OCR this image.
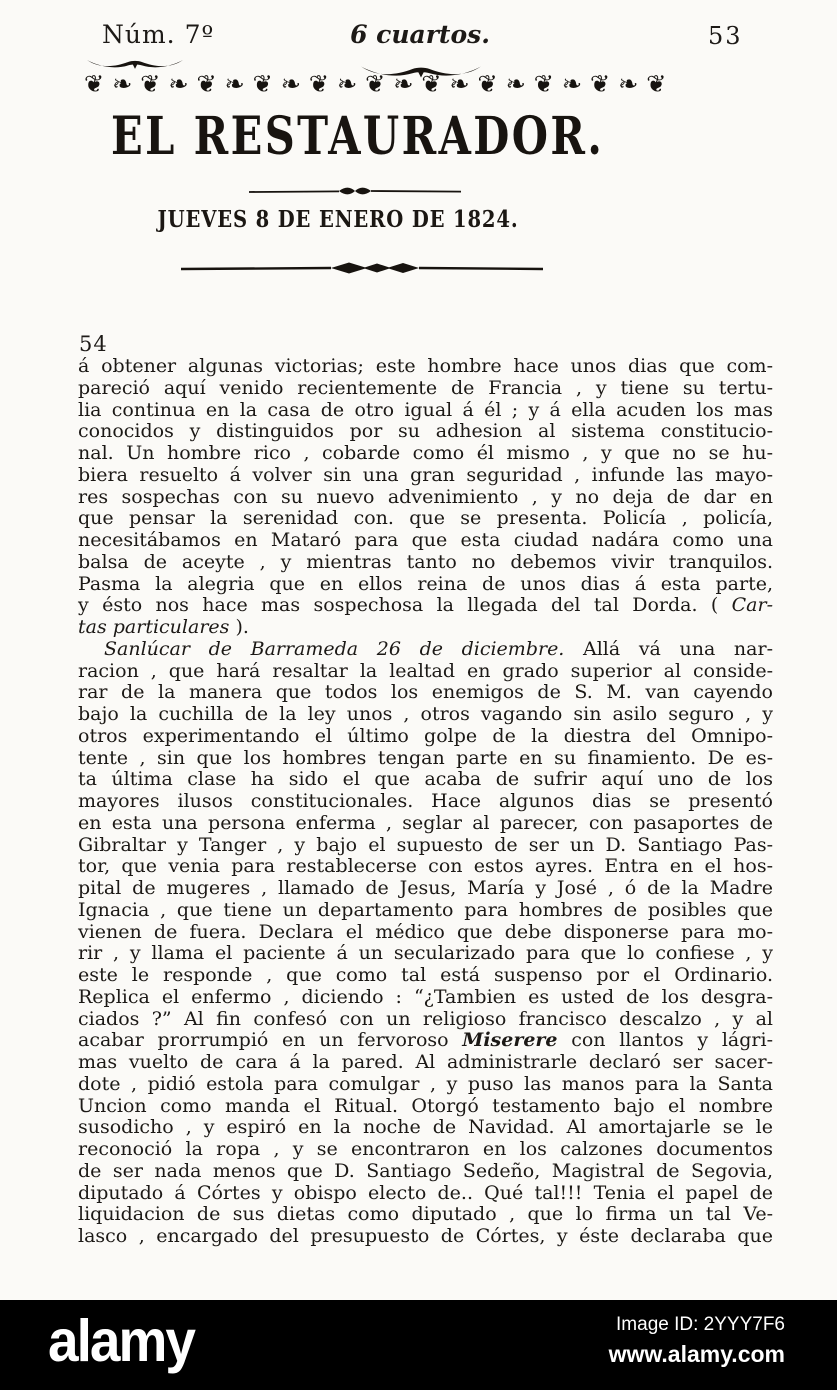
Núm. 7º	6 cuartos.	53
❦❧❦❧❦❧❦❧❦❧❦❧❦❧❦❧❦❧❦❧❦
EL RESTAURADOR.
JUEVES 8 DE ENERO DE 1824.
54
á obtener algunas victorias; este hombre hace unos dias que com-
pareció aquí venido recientemente de Francia , y tiene su tertu-
lia continua en la casa de otro igual á él ; y á ella acuden los mas
conocidos y distinguidos por su adhesion al sistema constitucio-
nal. Un hombre rico , cobarde como él mismo , y que no se hu-
biera resuelto á volver sin una gran seguridad , infunde las mayo-
res sospechas con su nuevo advenimiento , y no deja de dar en
que pensar la serenidad con. que se presenta. Policía , policía,
necesitábamos en Mataró para que esta ciudad nadára como una
balsa de aceyte , y mientras tanto no debemos vivir tranquilos.
Pasma la alegria que en ellos reina de unos dias á esta parte,
y ésto nos hace mas sospechosa la llegada del tal Dorda. ( Car-
tas particulares ).
Sanlúcar de Barrameda 26 de diciembre. Allá vá una nar-
racion , que hará resaltar la lealtad en grado superior al conside-
rar de la manera que todos los enemigos de S. M. van cayendo
bajo la cuchilla de la ley unos , otros vagando sin asilo seguro , y
otros experimentando el último golpe de la diestra del Omnipo-
tente , sin que los hombres tengan parte en su finamiento. De es-
ta última clase ha sido el que acaba de sufrir aquí uno de los
mayores ilusos constitucionales. Hace algunos dias se presentó
en esta una persona enferma , seglar al parecer, con pasaportes de
Gibraltar y Tanger , y bajo el supuesto de ser un D. Santiago Pas-
tor, que venia para restablecerse con estos ayres. Entra en el hos-
pital de mugeres , llamado de Jesus, María y José , ó de la Madre
Ignacia , que tiene un departamento para hombres de posibles que
vienen de fuera. Declara el médico que debe disponerse para mo-
rir , y llama el paciente á un secularizado para que lo confiese , y
este le responde , que como tal está suspenso por el Ordinario.
Replica el enfermo , diciendo : “¿Tambien es usted de los desgra-
ciados ?” Al fin confesó con un religioso francisco descalzo , y al
acabar prorrumpió en un fervoroso Miserere con llantos y lágri-
mas vuelto de cara á la pared. Al administrarle declaró ser sacer-
dote , pidió estola para comulgar , y puso las manos para la Santa
Uncion como manda el Ritual. Otorgó testamento bajo el nombre
susodicho , y espiró en la noche de Navidad. Al amortajarle se le
reconoció la ropa , y se encontraron en los calzones documentos
de ser nada menos que D. Santiago Sedeño, Magistral de Segovia,
diputado á Córtes y obispo electo de.. Qué tal!!! Tenia el papel de
liquidacion de sus dietas como diputado , que lo firma un tal Ve-
lasco , encargado del presupuesto de Córtes, y éste declaraba que
alamy	Image ID: 2YYY7F6
www.alamy.com
